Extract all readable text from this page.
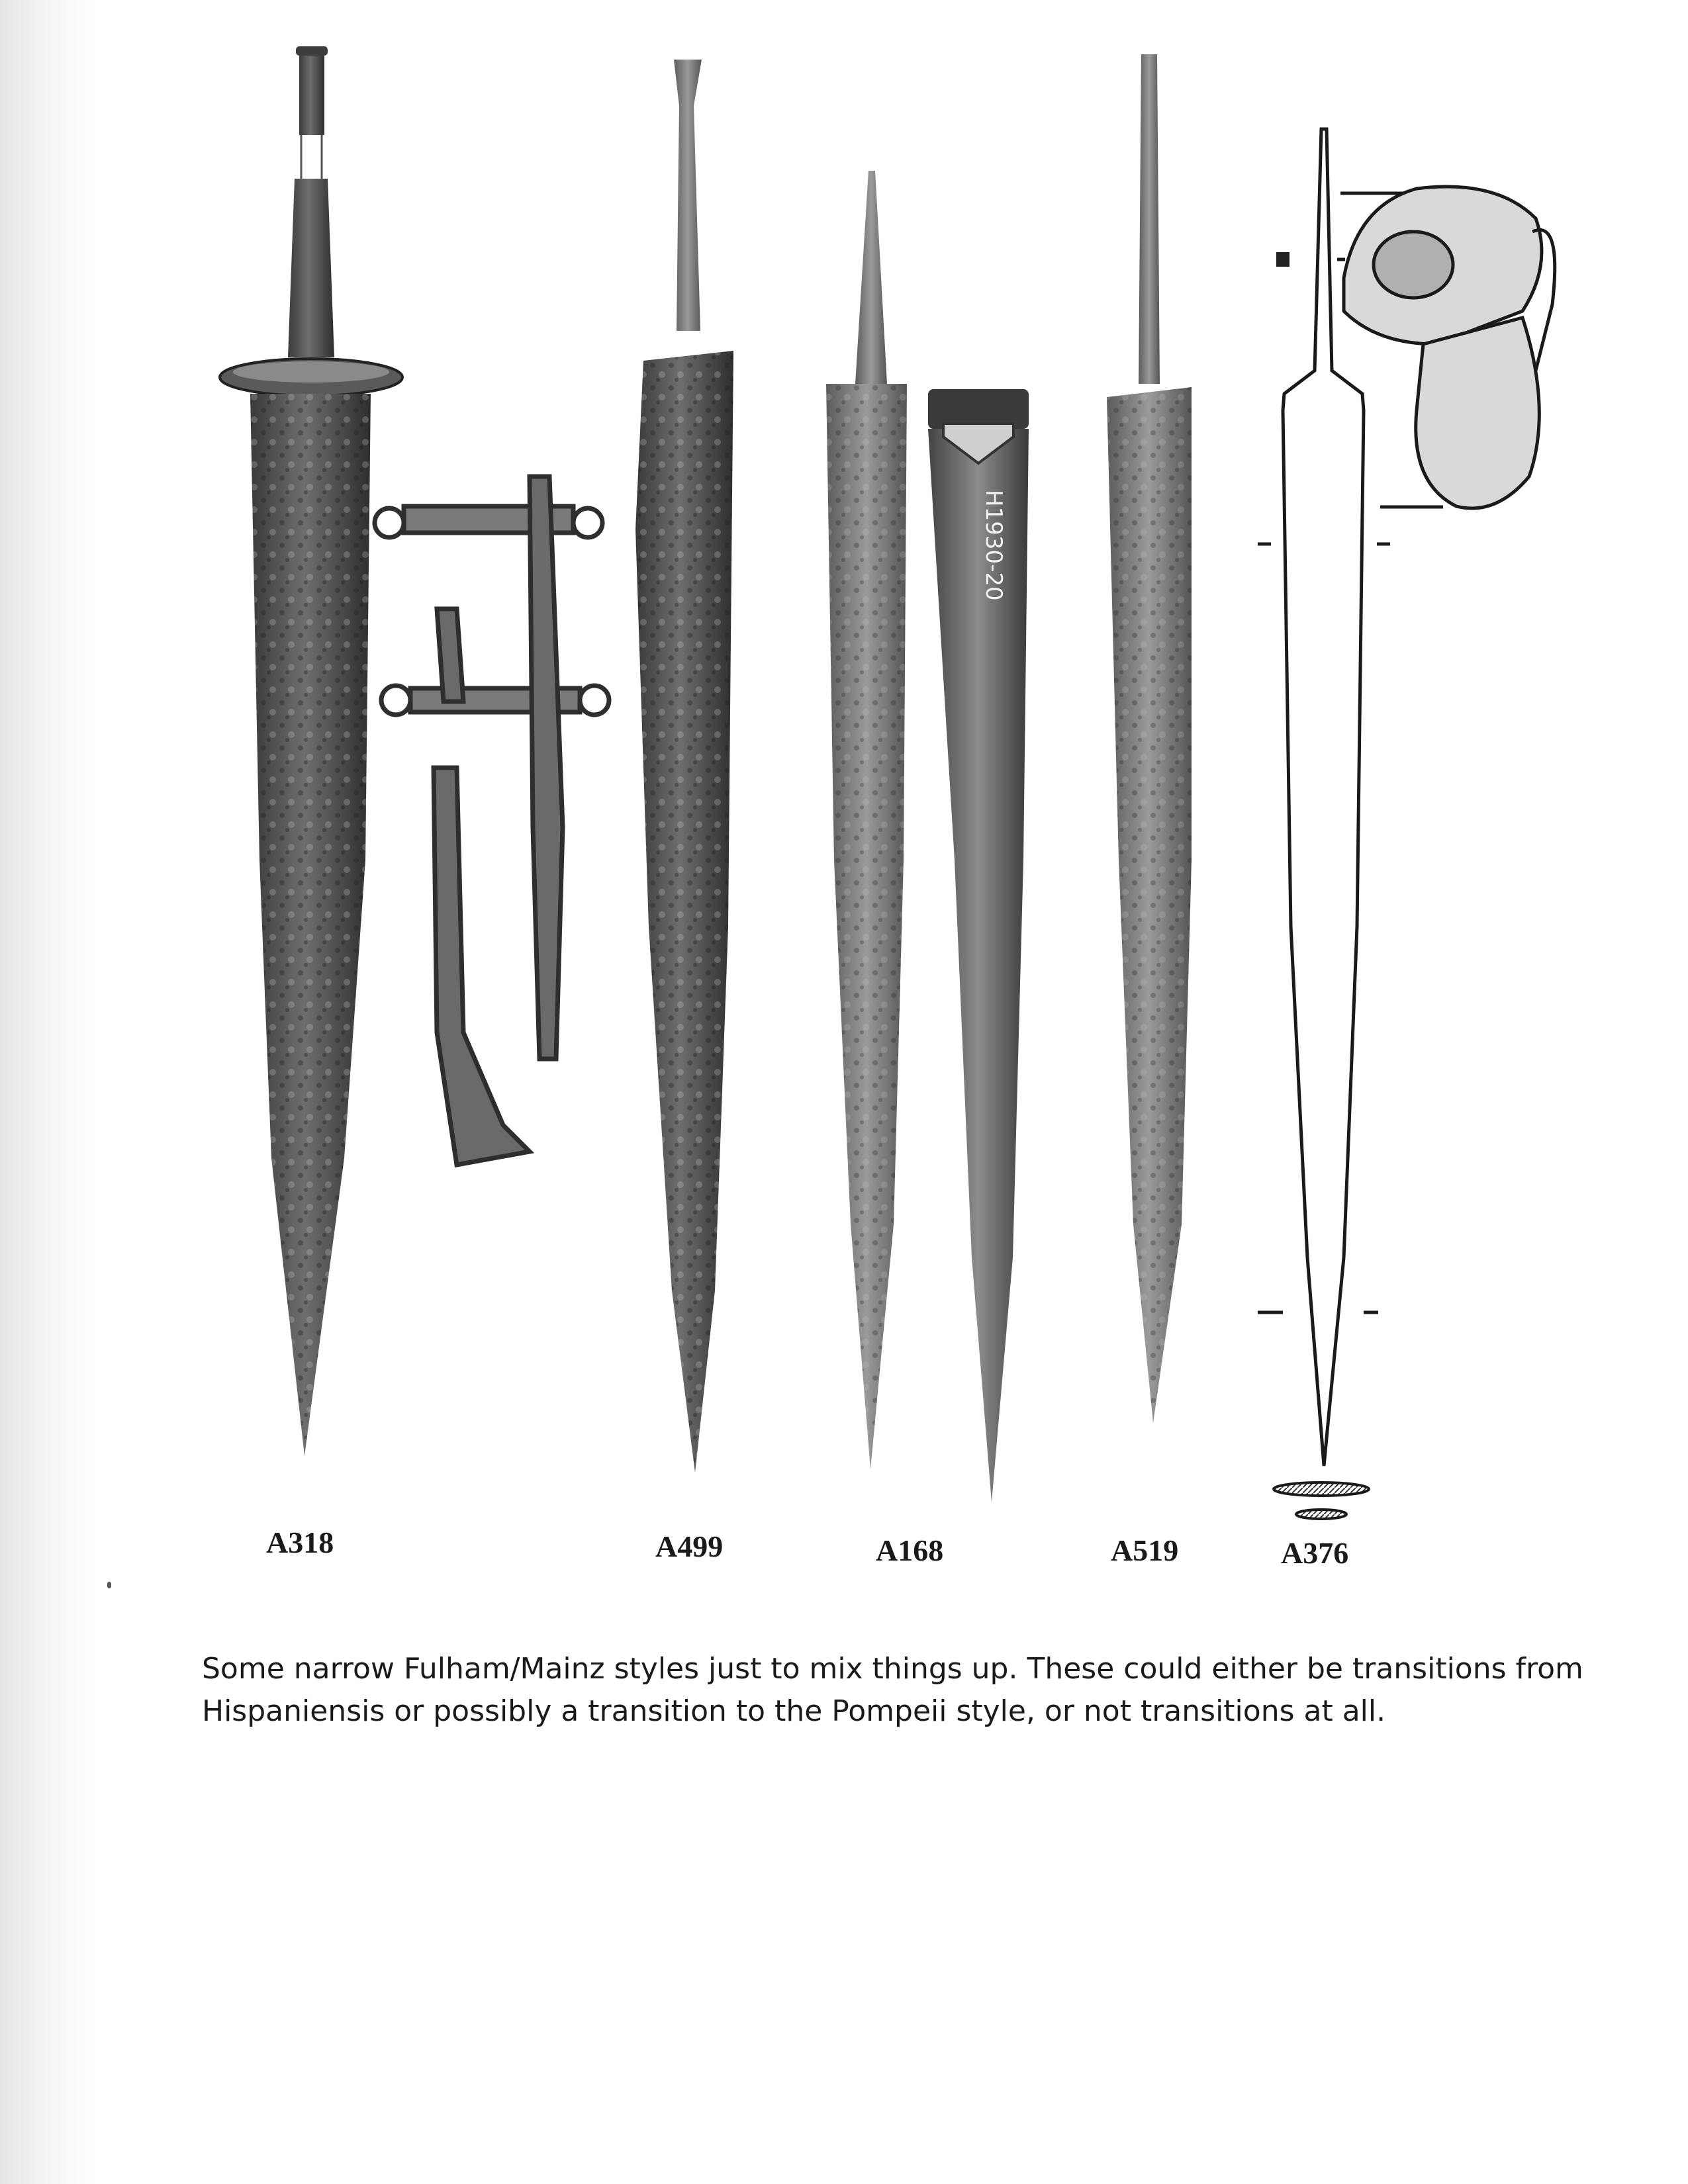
H1930-20
A318	A499	A168	A519	A376

Some narrow Fulham/Mainz styles just to mix things up. These could either be transitions from
Hispaniensis or possibly a transition to the Pompeii style, or not transitions at all.
